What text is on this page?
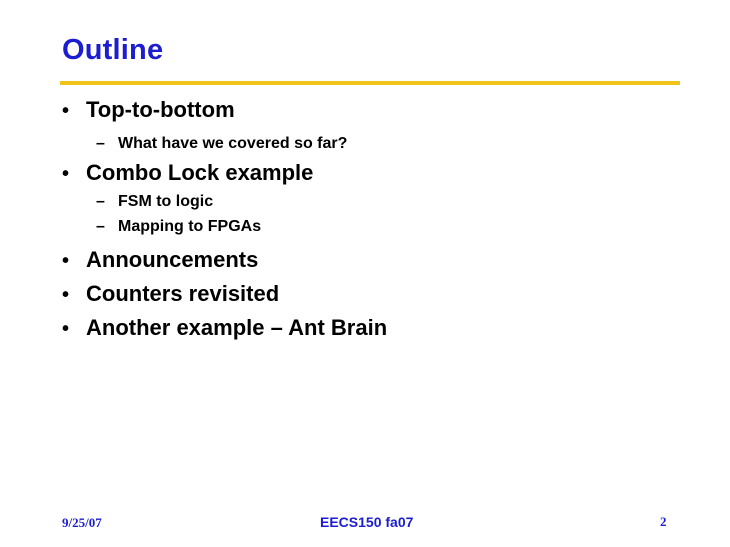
Outline
• Top-to-bottom
– What have we covered so far?
• Combo Lock example
– FSM to logic
– Mapping to FPGAs
• Announcements
• Counters revisited
• Another example – Ant Brain
9/25/07	EECS150 fa07	2
